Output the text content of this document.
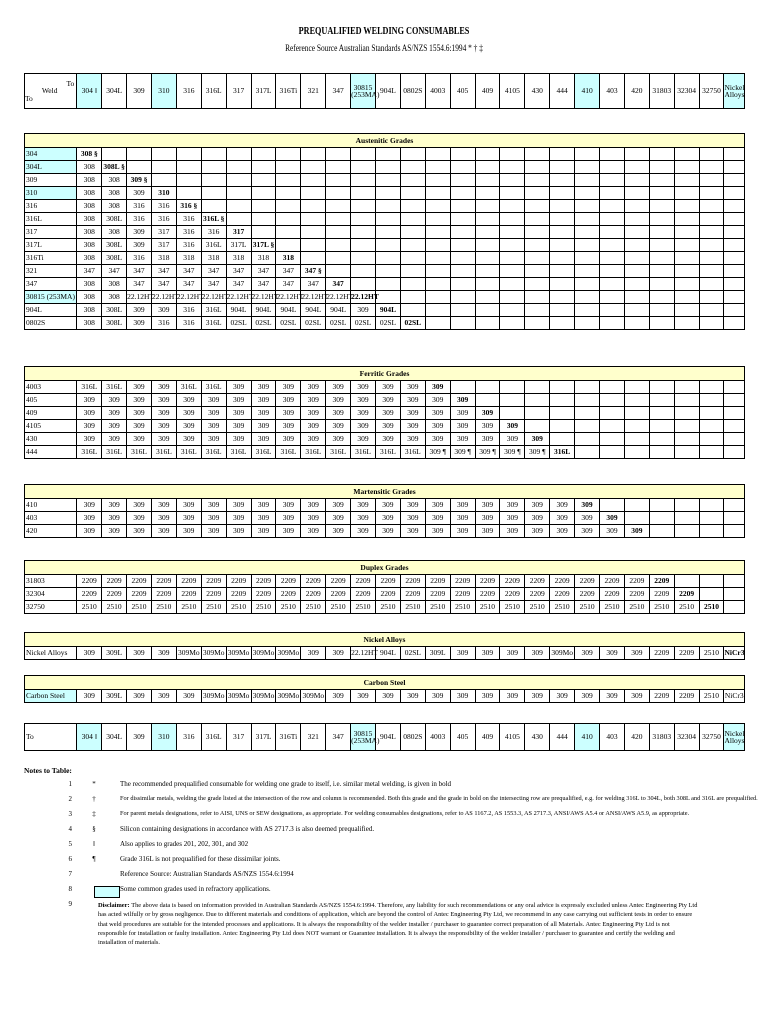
PREQUALIFIED WELDING CONSUMABLES
Reference Source Australian Standards AS/NZS 1554.6:1994 * † ‡
To
Weld
To
	304 ‖	304L	309	310	316	316L	317	317L	316Ti	321	347	30815 (253MA)	904L	0802S	4003	405	409	4105	430	444	410	403	420	31803	32304	32750	Nickel Alloys
Austenitic Grades																											
304	308 §																										
304L	308	308L §																									
309	308	308	309 §																								
310	308	308	309	310																							
316	308	308	316	316	316 §																						
316L	308	308L	316	316	316	316L §																					
317	308	308	309	317	316	316	317																				
317L	308	308L	309	317	316	316L	317L	317L §																			
316Ti	308	308L	316	318	318	318	318	318	318																		
321	347	347	347	347	347	347	347	347	347	347 §																	
347	308	308	347	347	347	347	347	347	347	347	347																
30815 (253MA)	308	308	22.12HT	22.12HT	22.12HT	22.12HT	22.12HT	22.12HT	22.12HT	22.12HT	22.12HT	22.12HT															
904L	308	308L	309	309	316	316L	904L	904L	904L	904L	904L	309	904L														
0802S	308	308L	309	316	316	316L	02SL	02SL	02SL	02SL	02SL	02SL	02SL	02SL													
Ferritic Grades																											
4003	316L	316L	309	309	316L	316L	309	309	309	309	309	309	309	309	309												
405	309	309	309	309	309	309	309	309	309	309	309	309	309	309	309	309											
409	309	309	309	309	309	309	309	309	309	309	309	309	309	309	309	309	309										
4105	309	309	309	309	309	309	309	309	309	309	309	309	309	309	309	309	309	309									
430	309	309	309	309	309	309	309	309	309	309	309	309	309	309	309	309	309	309	309								
444	316L	316L	316L	316L	316L	316L	316L	316L	316L	316L	316L	316L	316L	316L	309 ¶	309 ¶	309 ¶	309 ¶	309 ¶	316L							
Martensitic Grades																											
410	309	309	309	309	309	309	309	309	309	309	309	309	309	309	309	309	309	309	309	309	309						
403	309	309	309	309	309	309	309	309	309	309	309	309	309	309	309	309	309	309	309	309	309	309					
420	309	309	309	309	309	309	309	309	309	309	309	309	309	309	309	309	309	309	309	309	309	309	309				
Duplex Grades																											
31803	2209	2209	2209	2209	2209	2209	2209	2209	2209	2209	2209	2209	2209	2209	2209	2209	2209	2209	2209	2209	2209	2209	2209	2209			
32304	2209	2209	2209	2209	2209	2209	2209	2209	2209	2209	2209	2209	2209	2209	2209	2209	2209	2209	2209	2209	2209	2209	2209	2209	2209		
32750	2510	2510	2510	2510	2510	2510	2510	2510	2510	2510	2510	2510	2510	2510	2510	2510	2510	2510	2510	2510	2510	2510	2510	2510	2510	2510	
Nickel Alloys
Nickel Alloys	309	309L	309	309	309Mo	309Mo	309Mo	309Mo	309Mo	309	309	22.12HT	904L	02SL	309L	309	309	309	309	309Mo	309	309	309	2209	2209	2510	NiCr3
Carbon Steel
Carbon Steel	309	309L	309	309	309	309Mo	309Mo	309Mo	309Mo	309Mo	309	309	309	309	309	309	309	309	309	309	309	309	309	2209	2209	2510	NiCr3
To	304 ‖	304L	309	310	316	316L	317	317L	316Ti	321	347	30815 (253MA)	904L	0802S	4003	405	409	4105	430	444	410	403	420	31803	32304	32750	Nickel Alloys
Notes to Table:
1	*	The recommended prequalified consumable for welding one grade to itself, i.e. similar metal welding, is given in bold
2	†	For dissimilar metals, welding the grade listed at the intersection of the row and column is recommended. Both this grade and the grade in bold on the intersecting row are prequalified, e.g. for welding 316L to 304L, both 308L and 316L are prequalified.
3	‡	For parent metals designations, refer to AISI, UNS or SEW designations, as appropriate. For welding consumables designations, refer to AS 1167.2, AS 1553.3, AS 2717.3, ANSI/AWS A5.4 or ANSI/AWS A5.9, as appropriate.
4	§	Silicon containing designations in accordance with AS 2717.3 is also deemed prequalified.
5	‖	Also applies to grades 201, 202, 301, and 302
6	¶	Grade 316L is not prequalified for these dissimilar joints.
7	Reference Source: Australian Standards AS/NZS 1554.6:1994
8	Some common grades used in refractory applications.
9	Disclaimer: The above data is based on information provided in Australian Standards AS/NZS 1554.6:1994. Therefore, any liability for such recommendations or any oral advice is expressly excluded unless Antec Engineering Pty Ltd has acted wilfully or by gross negligence. Due to different materials and conditions of application, which are beyond the control of Antec Engineering Pty Ltd, we recommend in any case carrying out sufficient tests in order to ensure that weld procedures are suitable for the intended processes and applications. It is always the responsibility of the welder installer / purchaser to guarantee correct preparation of all Materials. Antec Engineering Pty Ltd is not responsible for installation or faulty installation. Antec Engineering Pty Ltd does NOT warrant or Guarantee installation. It is always the responsibility of the welder installer / purchaser to guarantee and certify the welding and installation of materials.
